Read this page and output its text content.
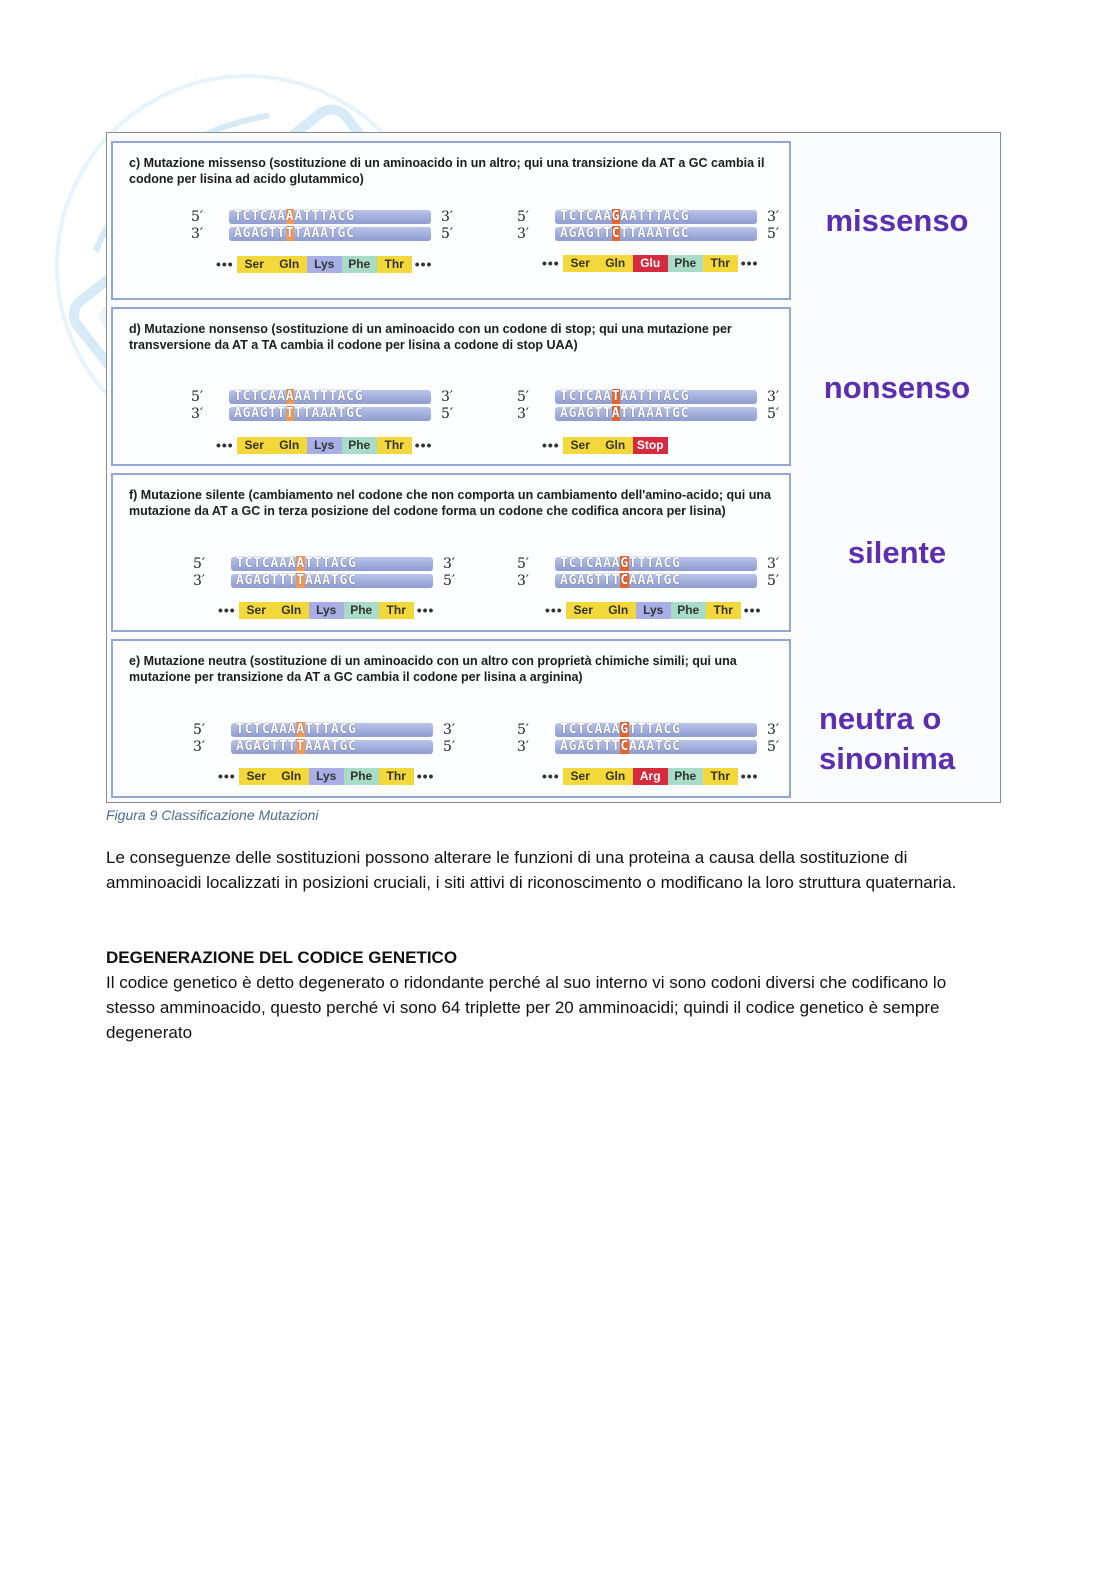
c) Mutazione missenso (sostituzione di un aminoacido in un altro; qui una transizione da AT a GC cambia il codone per lisina ad acido glutammico)
5′
3′
TCTCAAAATTTACG
AGAGTTTTAAATGC
3′
5′
••• Ser	Gln	Lys	Phe	Thr •••
5′
3′
TCTCAAGAATTTACG
AGAGTTCTTAAATGC
3′
5′
••• Ser	Gln	Glu	Phe	Thr •••
missenso
d) Mutazione nonsenso (sostituzione di un aminoacido con un codone di stop; qui una mutazione per transversione da AT a TA cambia il codone per lisina a codone di stop UAA)
5′
3′
TCTCAAAAATTTACG
AGAGTTTTTAAATGC
3′
5′
••• Ser	Gln	Lys	Phe	Thr •••
5′
3′
TCTCAATAATTTACG
AGAGTTATTAAATGC
3′
5′
••• Ser	Gln Stop
nonsenso
f) Mutazione silente (cambiamento nel codone che non comporta un cambiamento dell'amino-acido; qui una mutazione da AT a GC in terza posizione del codone forma un codone che codifica ancora per lisina)
5′
3′
TCTCAAAATTTACG
AGAGTTTTAAATGC
3′
5′
••• Ser	Gln	Lys	Phe	Thr •••
5′
3′
TCTCAAAGTTTACG
AGAGTTTCAAATGC
3′
5′
••• Ser	Gln	Lys	Phe	Thr •••
silente
e) Mutazione neutra (sostituzione di un aminoacido con un altro con proprietà chimiche simili; qui una mutazione per transizione da AT a GC cambia il codone per lisina a arginina)
5′
3′
TCTCAAAATTTACG
AGAGTTTTAAATGC
3′
5′
••• Ser	Gln	Lys	Phe	Thr •••
5′
3′
TCTCAAAGTTTACG
AGAGTTTCAAATGC
3′
5′
••• Ser	Gln	Arg	Phe	Thr •••
neutra o sinonima
Figura 9 Classificazione Mutazioni
Le conseguenze delle sostituzioni possono alterare le funzioni di una proteina a causa della sostituzione di amminoacidi localizzati in posizioni cruciali, i siti attivi di riconoscimento o modificano la loro struttura quaternaria.
DEGENERAZIONE DEL CODICE GENETICO
Il codice genetico è detto degenerato o ridondante perché al suo interno vi sono codoni diversi che codificano lo stesso amminoacido, questo perché vi sono 64 triplette per 20 amminoacidi; quindi il codice genetico è sempre degenerato
